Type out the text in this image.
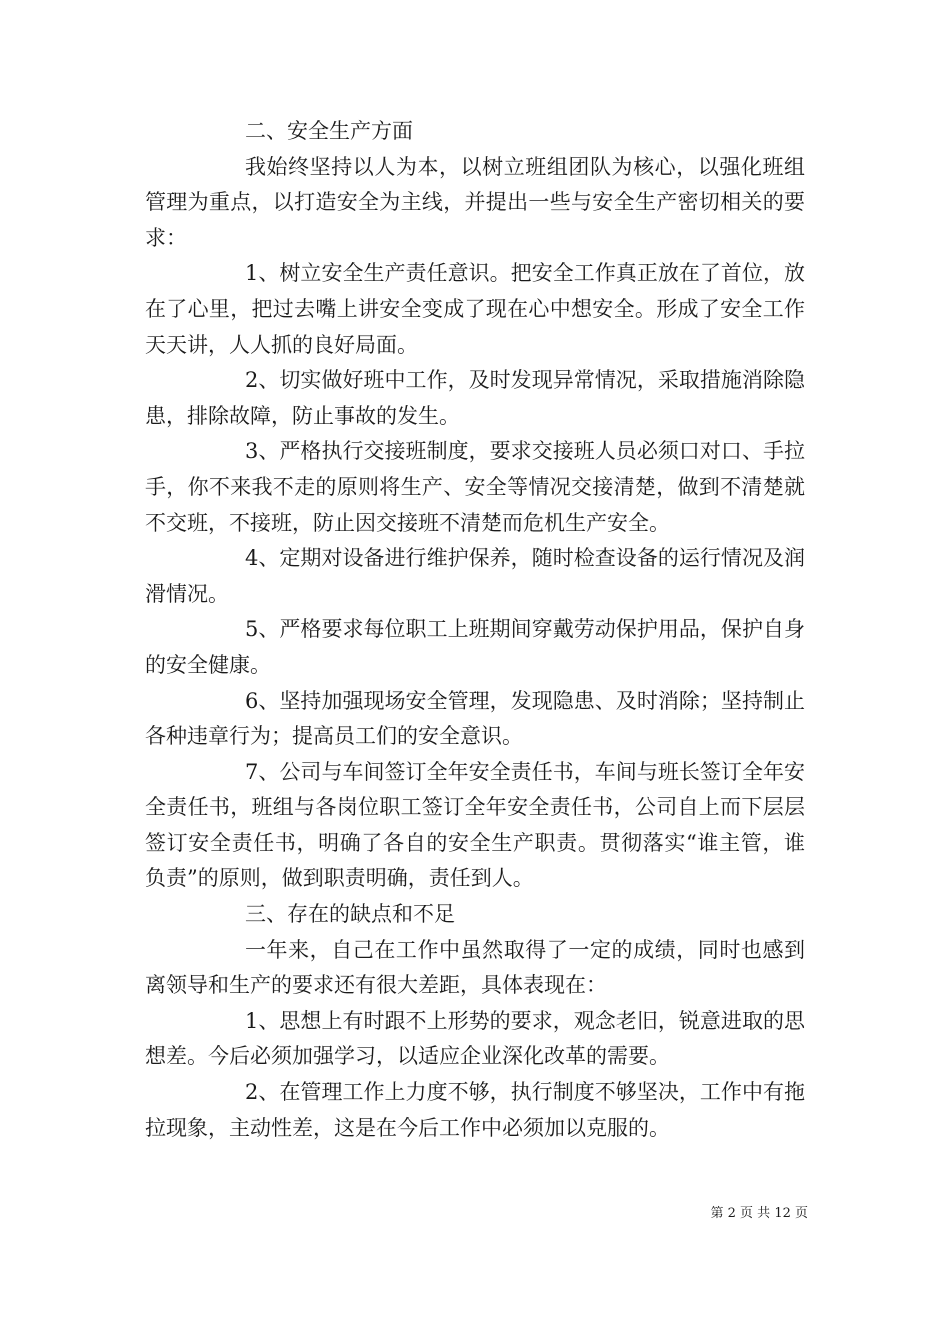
二、安全生产方面

我始终坚持以人为本，以树立班组团队为核心，以强化班组管理为重点，以打造安全为主线，并提出一些与安全生产密切相关的要求：

1、树立安全生产责任意识。把安全工作真正放在了首位，放在了心里，把过去嘴上讲安全变成了现在心中想安全。形成了安全工作天天讲，人人抓的良好局面。

2、切实做好班中工作，及时发现异常情况，采取措施消除隐患，排除故障，防止事故的发生。

3、严格执行交接班制度，要求交接班人员必须口对口、手拉手，你不来我不走的原则将生产、安全等情况交接清楚，做到不清楚就不交班，不接班，防止因交接班不清楚而危机生产安全。

4、定期对设备进行维护保养，随时检查设备的运行情况及润滑情况。

5、严格要求每位职工上班期间穿戴劳动保护用品，保护自身的安全健康。

6、坚持加强现场安全管理，发现隐患、及时消除；坚持制止各种违章行为；提高员工们的安全意识。

7、公司与车间签订全年安全责任书，车间与班长签订全年安全责任书，班组与各岗位职工签订全年安全责任书，公司自上而下层层签订安全责任书，明确了各自的安全生产职责。贯彻落实“谁主管，谁负责”的原则，做到职责明确，责任到人。

三、存在的缺点和不足

一年来，自己在工作中虽然取得了一定的成绩，同时也感到离领导和生产的要求还有很大差距，具体表现在：

1、思想上有时跟不上形势的要求，观念老旧，锐意进取的思想差。今后必须加强学习，以适应企业深化改革的需要。

2、在管理工作上力度不够，执行制度不够坚决，工作中有拖拉现象，主动性差，这是在今后工作中必须加以克服的。

第 2 页 共 12 页
